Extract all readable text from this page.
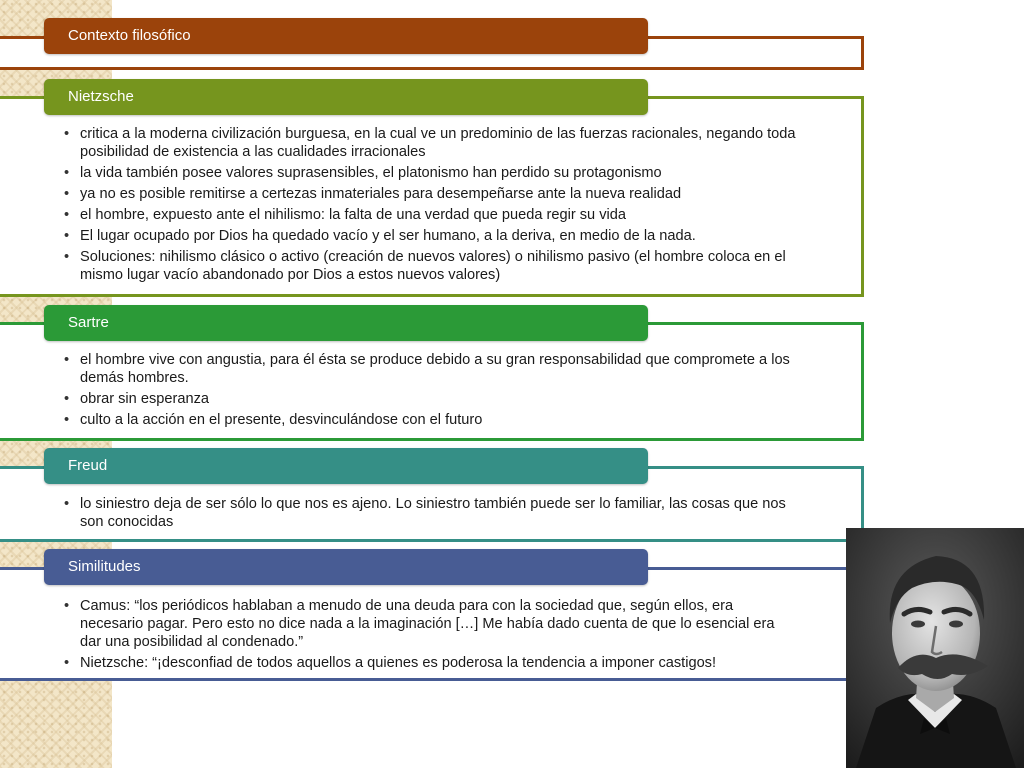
Contexto filosófico
Nietzsche
• critica a la moderna civilización burguesa, en la cual ve un predominio de las fuerzas racionales, negando toda posibilidad de existencia a las cualidades irracionales
• la vida también posee valores suprasensibles, el platonismo han perdido su protagonismo
• ya no es posible remitirse a certezas inmateriales para desempeñarse ante la nueva realidad
• el hombre, expuesto ante el nihilismo: la falta de una verdad que pueda regir su vida
• El lugar ocupado por Dios ha quedado vacío y el ser humano, a la deriva, en medio de la nada.
• Soluciones: nihilismo clásico o activo (creación de nuevos valores) o nihilismo pasivo (el hombre coloca en el mismo lugar vacío abandonado por Dios a estos nuevos valores)
Sartre
• el hombre vive con angustia, para él ésta se produce debido a su gran responsabilidad que compromete a los demás hombres.
• obrar sin esperanza
• culto a la acción en el presente, desvinculándose con el futuro
Freud
• lo siniestro deja de ser sólo lo que nos es ajeno. Lo siniestro también puede ser lo familiar, las cosas que nos son conocidas
Similitudes
• Camus: “los periódicos hablaban a menudo de una deuda para con la sociedad que, según ellos, era necesario pagar. Pero esto no dice nada a la imaginación […] Me había dado cuenta de que lo esencial era dar una posibilidad al condenado.”
• Nietzsche: “¡desconfiad de todos aquellos a quienes es poderosa la tendencia a imponer castigos!
